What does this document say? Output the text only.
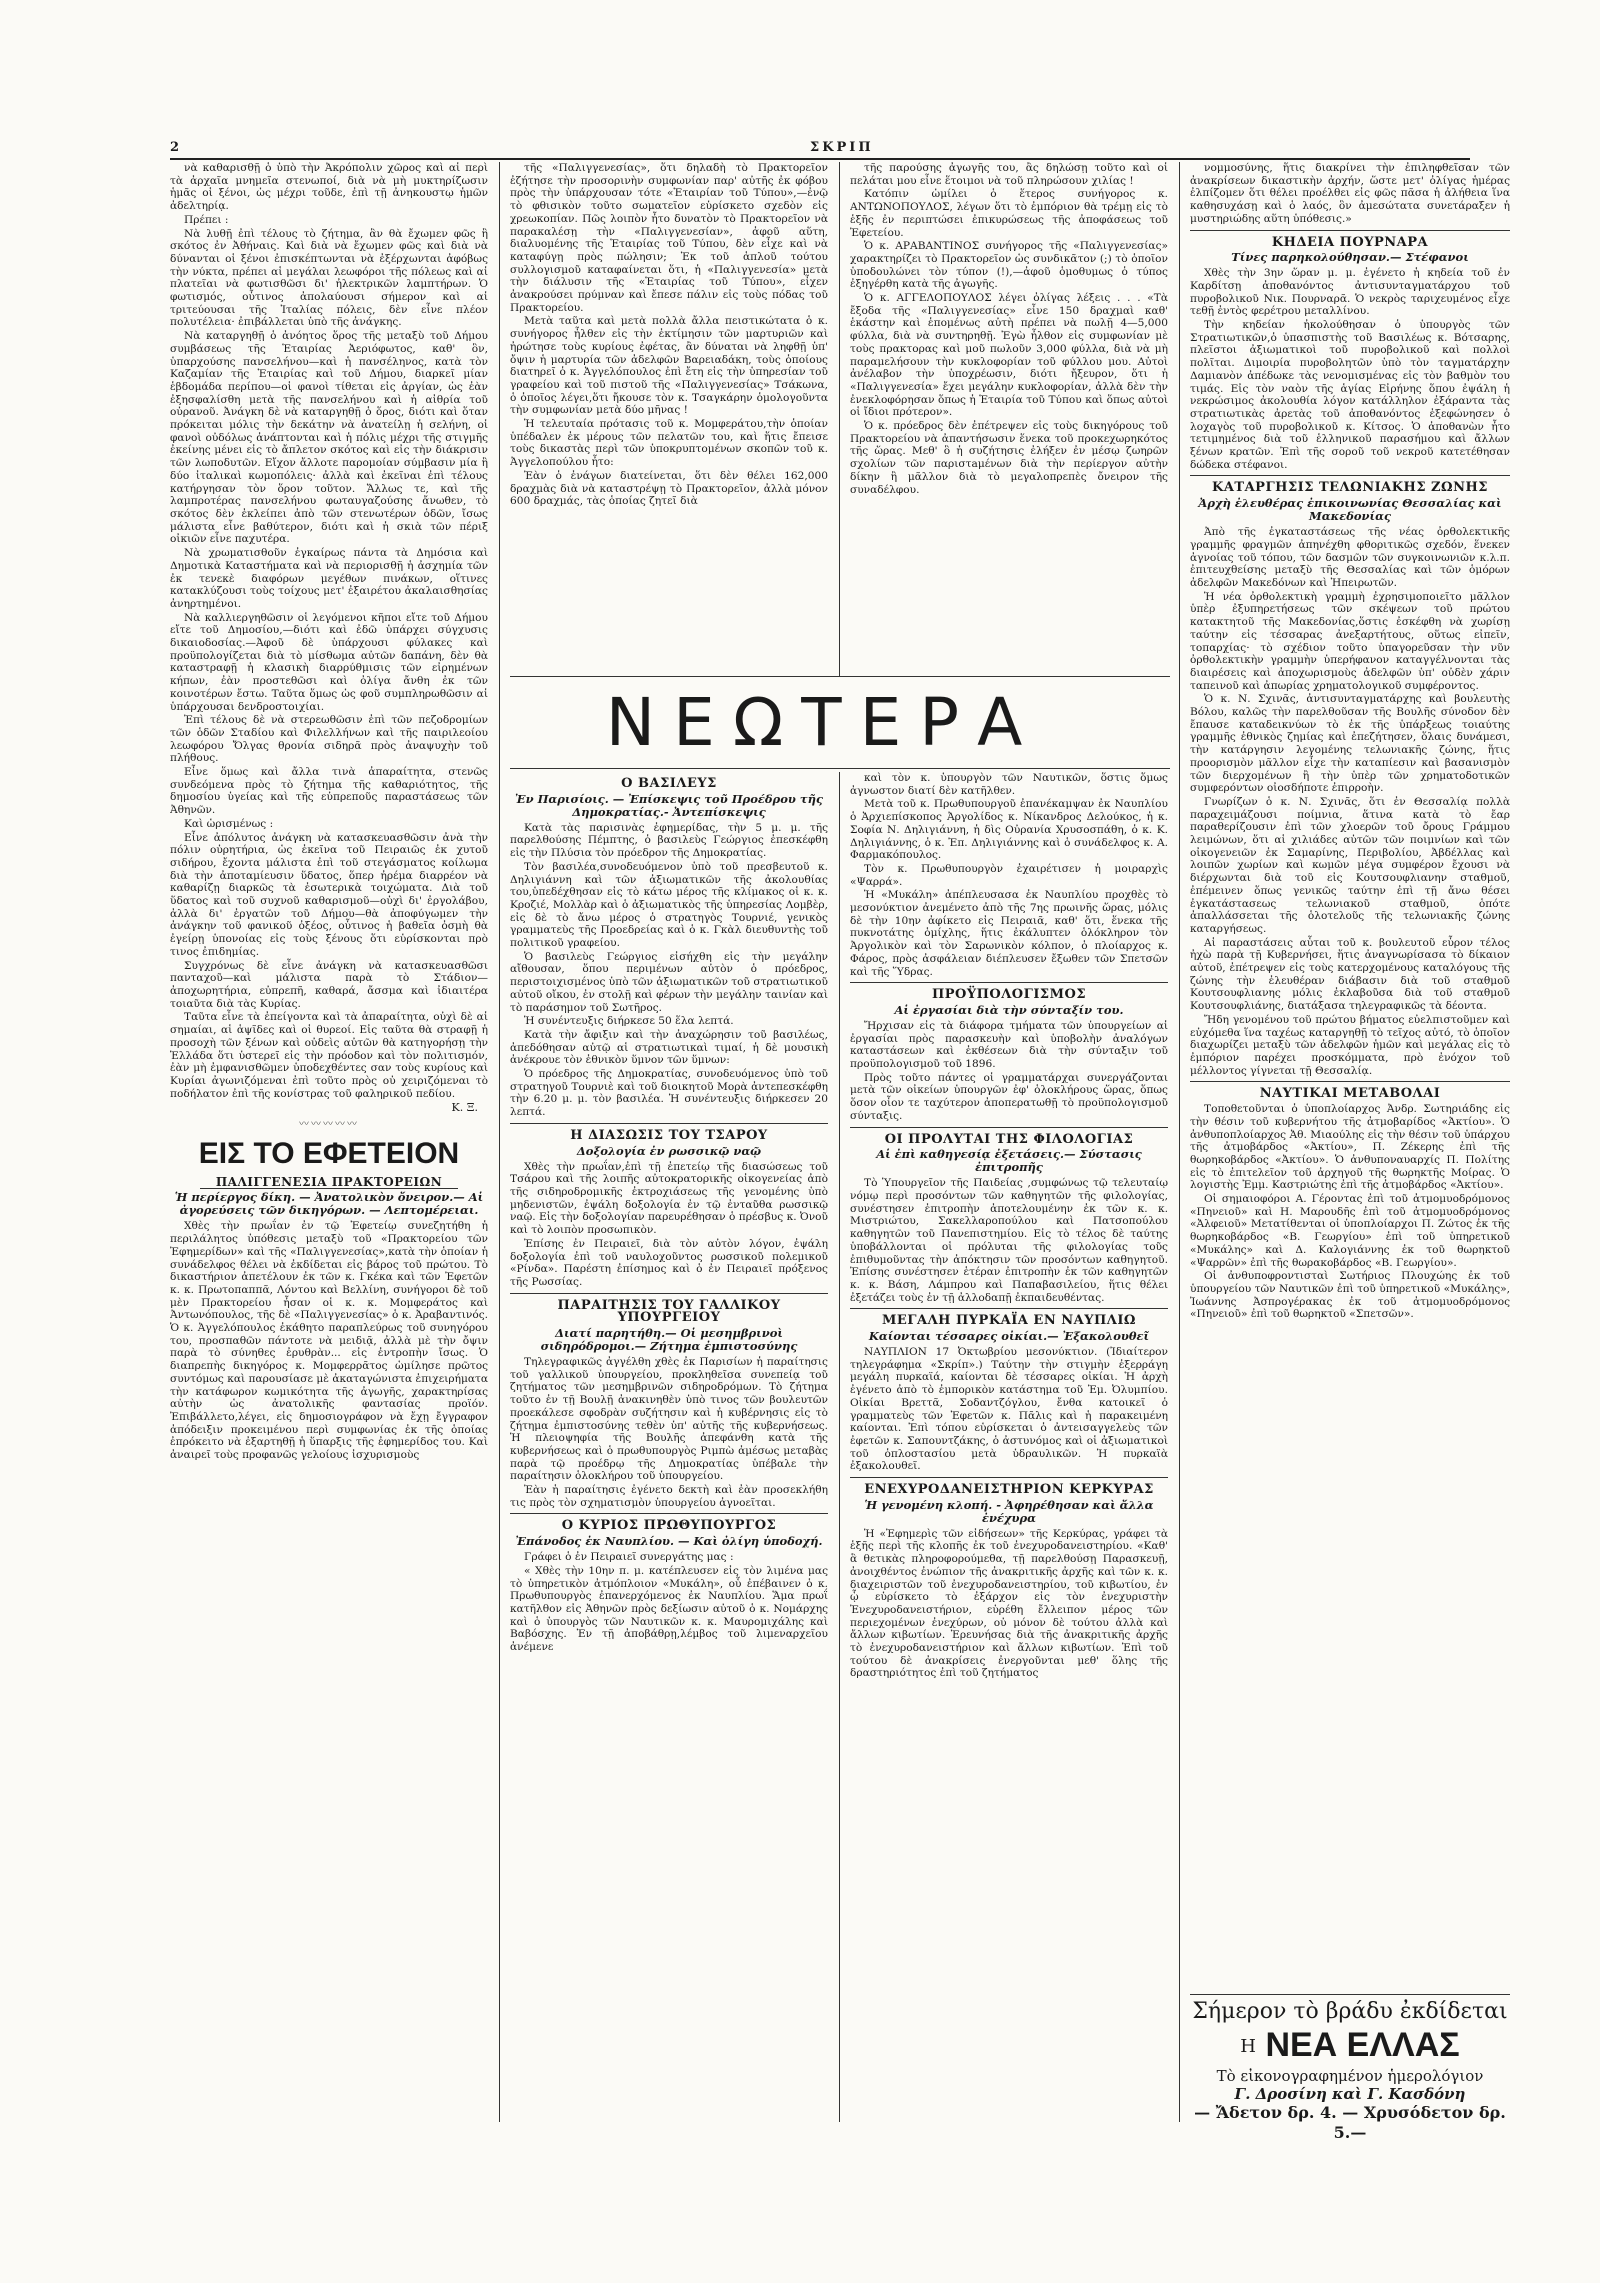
2	ΣΚΡΙΠ

νὰ καθαρισθῇ ὁ ὑπὸ τὴν Ἀκρόπολιν χῶρος καὶ αἱ περὶ τὰ ἀρχαῖα μνημεῖα στενωποί, διὰ νὰ μὴ μυκτηρίζωσιν ἡμᾶς οἱ ξένοι, ὡς μέχρι τοῦδε, ἐπὶ τῇ ἀνηκουστῳ ἡμῶν ἀδελτηρίᾳ.

Πρέπει :

Νὰ λυθῇ ἐπὶ τέλους τὸ ζήτημα, ἂν θὰ ἔχωμεν φῶς ἢ σκότος ἐν Ἀθήναις. Καὶ διὰ νὰ ἔχωμεν φῶς καὶ διὰ νὰ δύνανται οἱ ξένοι ἐπισκέπτωνται νὰ ἐξέρχωνται ἀφόβως τὴν νύκτα, πρέπει αἱ μεγάλαι λεωφόροι τῆς πόλεως καὶ αἱ πλατεῖαι νὰ φωτισθῶσι δι' ἠλεκτρικῶν λαμπτήρων. Ὁ φωτισμός, οὗτινος ἀπολαύουσι σήμερον καὶ αἱ τριτεύουσαι τῆς Ἰταλίας πόλεις, δὲν εἶνε πλέον πολυτέλεια· ἐπιβάλλεται ὑπὸ τῆς ἀνάγκης.

Νὰ καταργηθῇ ὁ ἀνόητος ὅρος τῆς μεταξὺ τοῦ Δήμου συμβάσεως τῆς Ἑταιρίας Ἀεριόφωτος, καθ' ὃν, ὑπαρχούσης πανσελήνου—καὶ ἡ πανσέληνος, κατὰ τὸν Καζαμίαν τῆς Ἑταιρίας καὶ τοῦ Δήμου, διαρκεῖ μίαν ἑβδομάδα περίπου—οἱ φανοὶ τίθεται εἰς ἀργίαν, ὡς ἐὰν ἐξησφαλίσθη μετὰ τῆς πανσελήνου καὶ ἡ αἰθρία τοῦ οὐρανοῦ. Ἀνάγκη δὲ νὰ καταργηθῇ ὁ ὅρος, διότι καὶ ὅταν πρόκειται μόλις τὴν δεκάτην νὰ ἀνατείλῃ ἡ σελήνη, οἱ φανοὶ οὐδόλως ἀνάπτονται καὶ ἡ πόλις μέχρι τῆς στιγμῆς ἐκείνης μένει εἰς τὸ ἄπλετον σκότος καὶ εἰς τὴν διάκρισιν τῶν λωποδυτῶν. Εἴχον ἄλλοτε παρομοίαν σύμβασιν μία ἢ δύο ἰταλικαὶ κωμοπόλεις· ἀλλὰ καὶ ἐκεῖναι ἐπὶ τέλους κατήργησαν τὸν ὅρον τοῦτον. Ἄλλως τε, καὶ τῆς λαμπροτέρας πανσελήνου φωταυγαζούσης ἄνωθεν, τὸ σκότος δὲν ἐκλείπει ἀπὸ τῶν στενωτέρων ὁδῶν, ἴσως μάλιστα εἶνε βαθύτερον, διότι καὶ ἡ σκιὰ τῶν πέριξ οἰκιῶν εἶνε παχυτέρα.

Νὰ χρωματισθοῦν ἐγκαίρως πάντα τὰ Δημόσια καὶ Δημοτικὰ Καταστήματα καὶ νὰ περιορισθῇ ἡ ἀσχημία τῶν ἐκ τενεκὲ διαφόρων μεγέθων πινάκων, οἵτινες κατακλύζουσι τοὺς τοίχους μετ' ἐξαιρέτου ἀκαλαισθησίας ἀνηρτημένοι.

Νὰ καλλιεργηθῶσιν οἱ λεγόμενοι κῆποι εἴτε τοῦ Δήμου εἴτε τοῦ Δημοσίου,—διότι καὶ ἐδῶ ὑπάρχει σύγχυσις δικαιοδοσίας.—Ἀφοῦ δὲ ὑπάρχουσι φύλακες καὶ προϋπολογίζεται διὰ τὸ μίσθωμα αὐτῶν δαπάνη, δὲν θὰ καταστραφῇ ἡ κλασικὴ διαρρύθμισις τῶν εἰρημένων κήπων, ἐὰν προστεθῶσι καὶ ὀλίγα ἄνθη ἐκ τῶν κοινοτέρων ἔστω. Ταῦτα ὅμως ὡς φοῦ συμπληρωθῶσιν αἱ ὑπάρχουσαι δενδροστοιχίαι.

Ἐπὶ τέλους δὲ νὰ στερεωθῶσιν ἐπὶ τῶν πεζοδρομίων τῶν ὁδῶν Σταδίου καὶ Φιλελλήνων καὶ τῆς παιριλεοίου λεωφόρου Ὄλγας θρονία σιδηρᾶ πρὸς ἀναψυχὴν τοῦ πλήθους.

Εἶνε ὅμως καὶ ἄλλα τινὰ ἀπαραίτητα, στενῶς συνδεόμενα πρὸς τὸ ζήτημα τῆς καθαριότητος, τῆς δημοσίου ὑγείας καὶ τῆς εὐπρεποῦς παραστάσεως τῶν Ἀθηνῶν.

Καὶ ὡρισμένως :

Εἶνε ἀπόλυτος ἀνάγκη νὰ κατασκευασθῶσιν ἀνὰ τὴν πόλιν οὐρητήρια, ὡς ἐκεῖνα τοῦ Πειραιῶς ἐκ χυτοῦ σιδήρου, ἔχοντα μάλιστα ἐπὶ τοῦ στεγάσματος κοίλωμα διὰ τὴν ἀποταμίευσιν ὕδατος, ὅπερ ἠρέμα διαρρέον νὰ καθαρίζῃ διαρκῶς τὰ ἐσωτερικὰ τοιχώματα. Διὰ τοῦ ὕδατος καὶ τοῦ συχνοῦ καθαρισμοῦ—οὐχὶ δι' ἐργολάβου, ἀλλὰ δι' ἐργατῶν τοῦ Δήμου—θὰ ἀποφύγωμεν τὴν ἀνάγκην τοῦ φανικοῦ ὀξέος, οὗτινος ἡ βαθεῖα ὀσμὴ θὰ ἐγείρῃ ὑπονοίας εἰς τοὺς ξένους ὅτι εὑρίσκονται πρὸ τινος ἐπιδημίας.

Συγχρόνως δὲ εἶνε ἀνάγκη νὰ κατασκευασθῶσι πανταχοῦ—καὶ μάλιστα παρὰ τὸ Στάδιον— ἀποχωρητήρια, εὐπρεπῆ, καθαρά, ἄσσμα καὶ ἰδιαιτέρα τοιαῦτα διὰ τὰς Κυρίας.

Ταῦτα εἶνε τὰ ἐπείγοντα καὶ τὰ ἀπαραίτητα, οὐχὶ δὲ αἱ σημαίαι, αἱ ἁψῖδες καὶ οἱ θυρεοί. Εἰς ταῦτα θὰ στραφῇ ἡ προσοχὴ τῶν ξένων καὶ οὐδεὶς αὐτῶν θὰ κατηγορήσῃ τὴν Ἑλλάδα ὅτι ὑστερεῖ εἰς τὴν πρόοδον καὶ τὸν πολιτισμόν, ἐὰν μὴ ἐμφανισθῶμεν ὑποδεχθέντες σαν τοὺς κυρίους καὶ Κυρίαι ἀγωνιζόμεναι ἐπὶ τοῦτο πρὸς οὐ χειριζόμεναι τὸ ποδήλατον ἐπὶ τῆς κονίστρας τοῦ φαληρικοῦ πεδίου.

Κ. Ξ.
〰〰〰〰〰
ΕΙΣ ΤΟ ΕΦΕΤΕΙΟΝ
ΠΑΛΙΓΓΕΝΕΣΙΑ ΠΡΑΚΤΟΡΕΙΩΝ
Ἡ περίεργος δίκη. — Ἀνατολικὸν ὄνειρον.— Αἱ ἀγορεύσεις τῶν δικηγόρων. — Λεπτομέρειαι.

Χθὲς τὴν πρωΐαν ἐν τῷ Ἐφετείῳ συνεζητήθη ἡ περιλάλητος ὑπόθεσις μεταξὺ τοῦ «Πρακτορείου τῶν Ἐφημερίδων» καὶ τῆς «Παλιγγενεσίας»,κατὰ τὴν ὁποίαν ἡ συνάδελφος θέλει νὰ ἐκδίδεται εἰς βάρος τοῦ πρώτου. Τὸ δικαστήριον ἀπετέλουν ἐκ τῶν κ. Γκέκα καὶ τῶν Ἐφετῶν κ. κ. Πρωτοπαππᾶ, Λόντου καὶ Βελλίνη, συνήγοροι δὲ τοῦ μὲν Πρακτορείου ἦσαν οἱ κ. κ. Μομφεράτος καὶ Ἀντωνόπουλος, τῆς δὲ «Παλιγγενεσίας» ὁ κ. Ἀραβαντινός. Ὁ κ. Ἀγγελόπουλος ἐκάθητο παραπλεύρως τοῦ συνηγόρου του, προσπαθῶν πάντοτε νὰ μειδιᾷ, ἀλλὰ μὲ τὴν ὄψιν παρὰ τὸ σύνηθες ἐρυθρὰν... εἰς ἐντροπὴν ἴσως. Ὁ διαπρεπὴς δικηγόρος κ. Μομφερρᾶτος ὡμίλησε πρῶτος συντόμως καὶ παρουσίασε μὲ ἀκαταγώνιστα ἐπιχειρήματα τὴν κατάφωρον κωμικότητα τῆς ἀγωγῆς, χαρακτηρίσας αὐτὴν ὡς ἀνατολικῆς φαντασίας προϊόν. Ἐπιβάλλετο,λέγει, εἰς δημοσιογράφον νὰ ἔχῃ ἔγγραφον ἀπόδειξιν προκειμένου περὶ συμφωνίας ἐκ τῆς ὁποίας ἐπρόκειτο νὰ ἐξαρτηθῇ ἡ ὕπαρξις τῆς ἐφημερίδος του. Καὶ ἀναιρεῖ τοὺς προφανῶς γελοίους ἰσχυρισμοὺς

τῆς «Παλιγγενεσίας», ὅτι δηλαδὴ τὸ Πρακτορεῖον ἐζήτησε τὴν προσορινὴν συμφωνίαν παρ' αὐτῆς ἐκ φόβου πρὸς τὴν ὑπάρχουσαν τότε «Ἑταιρίαν τοῦ Τύπου»,—ἐνῷ τὸ φθισικὸν τοῦτο σωματεῖον εὑρίσκετο σχεδὸν εἰς χρεωκοπίαν. Πῶς λοιπὸν ἦτο δυνατὸν τὸ Πρακτορεῖον νὰ παρακαλέσῃ τὴν «Παλιγγενεσίαν», ἀφοῦ αὕτη, διαλυομένης τῆς Ἑταιρίας τοῦ Τύπου, δὲν εἶχε καὶ νὰ καταφύγῃ πρὸς πώλησιν; Ἐκ τοῦ ἁπλοῦ τούτου συλλογισμοῦ καταφαίνεται ὅτι, ἡ «Παλιγγενεσία» μετὰ τὴν διάλυσιν τῆς «Ἑταιρίας τοῦ Τύπου», εἶχεν ἀνακρούσει πρύμναν καὶ ἔπεσε πάλιν εἰς τοὺς πόδας τοῦ Πρακτορείου.

Μετὰ ταῦτα καὶ μετὰ πολλὰ ἄλλα πειστικώτατα ὁ κ. συνήγορος ἦλθεν εἰς τὴν ἐκτίμησιν τῶν μαρτυριῶν καὶ ἠρώτησε τοὺς κυρίους ἐφέτας, ἂν δύναται νὰ ληφθῇ ὑπ' ὄψιν ἡ μαρτυρία τῶν ἀδελφῶν Βαρειαδάκη, τοὺς ὁποίους διατηρεῖ ὁ κ. Ἀγγελόπουλος ἐπὶ ἔτη εἰς τὴν ὑπηρεσίαν τοῦ γραφείου καὶ τοῦ πιστοῦ τῆς «Παλιγγενεσίας» Τσάκωνα, ὁ ὁποῖος λέγει,ὅτι ἤκουσε τὸν κ. Τσαγκάρην ὁμολογοῦντα τὴν συμφωνίαν μετὰ δύο μῆνας !

Ἡ τελευταία πρότασις τοῦ κ. Μομφεράτου,τὴν ὁποίαν ὑπέδαλεν ἐκ μέρους τῶν πελατῶν του, καὶ ἥτις ἔπεισε τοὺς δικαστὰς περὶ τῶν ὑποκρυπτομένων σκοπῶν τοῦ κ. Ἀγγελοπούλου ἦτο:

Ἐὰν ὁ ἐνάγων διατείνεται, ὅτι δὲν θέλει 162,000 δραχμὰς διὰ νὰ καταστρέψῃ τὸ Πρακτορεῖον, ἀλλὰ μόνον 600 δραχμάς, τὰς ὁποίας ζητεῖ διὰ

τῆς παρούσης ἀγωγῆς του, ἂς δηλώσῃ τοῦτο καὶ οἱ πελάται μου εἶνε ἕτοιμοι νὰ τοῦ πληρώσουν χιλίας !

Κατόπιν ὡμίλει ὁ ἕτερος συνήγορος κ. ΑΝΤΩΝΟΠΟΥΛΟΣ, λέγων ὅτι τὸ ἐμπόριον θὰ τρέμῃ εἰς τὸ ἑξῆς ἐν περιπτώσει ἐπικυρώσεως τῆς ἀποφάσεως τοῦ Ἐφετείου.

Ὁ κ. ΑΡΑΒΑΝΤΙΝΟΣ συνήγορος τῆς «Παλιγγενεσίας» χαρακτηρίζει τὸ Πρακτορεῖον ὡς συνδικᾶτον (;) τὸ ὁποῖον ὑποδουλώνει τὸν τύπον (!),—ἀφοῦ ὁμοθυμως ὁ τύπος ἐξηγέρθη κατὰ τῆς ἀγωγῆς.

Ὁ κ. ΑΓΓΕΛΟΠΟΥΛΟΣ λέγει ὀλίγας λέξεις . . . «Τὰ ἔξοδα τῆς «Παλιγγενεσίας» εἶνε 150 δραχμαὶ καθ' ἑκάστην καὶ ἑπομένως αὐτὴ πρέπει νὰ πωλῇ 4—5,000 φύλλα, διὰ νὰ συντηρηθῇ. Ἐγὼ ἦλθον εἰς συμφωνίαν μὲ τοὺς πρακτορας καὶ μοῦ πωλοῦν 3,000 φύλλα, διὰ νὰ μὴ παραμελήσουν τὴν κυκλοφορίαν τοῦ φύλλου μου. Αὐτοὶ ἀνέλαβον τὴν ὑποχρέωσιν, διότι ἤξευρον, ὅτι ἡ «Παλιγγενεσία» ἔχει μεγάλην κυκλοφορίαν, ἀλλὰ δὲν τὴν ἐνεκλοφόρησαν ὅπως ἡ Ἑταιρία τοῦ Τύπου καὶ ὅπως αὐτοὶ οἱ ἴδιοι πρότερον».

Ὁ κ. πρόεδρος δὲν ἐπέτρεψεν εἰς τοὺς δικηγόρους τοῦ Πρακτορείου νὰ ἀπαντήσωσιν ἕνεκα τοῦ προκεχωρηκότος τῆς ὥρας. Μεθ' ὃ ἡ συζήτησις ἐλήξεν ἐν μέσῳ ζωηρῶν σχολίων τῶν παριστaμένων διὰ τὴν περίεργον αὐτὴν δίκην ἢ μᾶλλον διὰ τὸ μεγαλοπρεπὲς ὄνειρον τῆς συναδέλφου.

ΝΕΩΤΕΡΑ
Ο ΒΑΣΙΛΕΥΣ
Ἐν Παρισίοις. — Ἐπίσκεψις τοῦ Προέδρου τῆς Δημοκρατίας.- Ἀντεπίσκεψις

Κατὰ τὰς παρισινὰς ἐφημερίδας, τὴν 5 μ. μ. τῆς παρελθούσης Πέμπτης, ὁ βασιλεὺς Γεώργιος ἐπεσκέφθη εἰς τὴν Πλύσια τὸν πρόεδρον τῆς Δημοκρατίας.

Τὸν βασιλέα,συνοδευόμενον ὑπὸ τοῦ πρεσβευτοῦ κ. Δηλιγιάννη καὶ τῶν ἀξιωματικῶν τῆς ἀκολουθίας του,ὑπεδέχθησαν εἰς τὸ κάτω μέρος τῆς κλίμακος οἱ κ. κ. Κροζιέ, Μολλὰρ καὶ ὁ ἀξιωματικὸς τῆς ὑπηρεσίας Λομβὲρ, εἰς δὲ τὸ ἄνω μέρος ὁ στρατηγὸς Τουρνιέ, γενικὸς γραμματεὺς τῆς Προεδρείας καὶ ὁ κ. Γκὰλ διευθυντὴς τοῦ πολιτικοῦ γραφείου.

Ὁ βασιλεὺς Γεώργιος εἰσήχθη εἰς τὴν μεγάλην αἴθουσαν, ὅπου περιμένων αὐτὸν ὁ πρόεδρος, περιστοιχισμένος ὑπὸ τῶν ἀξιωματικῶν τοῦ στρατιωτικοῦ αὐτοῦ οἴκου, ἐν στολῇ καὶ φέρων τὴν μεγάλην ταινίαν καὶ τὸ παράσημον τοῦ Σωτῆρος.

Ἡ συνέντευξις διήρκεσε 50 ἕλα λεπτά.

Κατὰ τὴν ἄφιξιν καὶ τὴν ἀναχώρησιν τοῦ βασιλέως, ἀπεδόθησαν αὐτῷ αἱ στρατιωτικαὶ τιμαί, ἡ δὲ μουσικὴ ἀνέκρουε τὸν ἐθνικὸν ὕμνον τῶν ὕμνων:

Ὁ πρόεδρος τῆς Δημοκρατίας, συνοδευόμενος ὑπὸ τοῦ στρατηγοῦ Τουρνιὲ καὶ τοῦ διοικητοῦ Μορὰ ἀντεπεσκέφθη τὴν 6.20 μ. μ. τὸν βασιλέα. Ἡ συνέντευξις διήρκεσεν 20 λεπτά.

Η ΔΙΑΣΩΣΙΣ ΤΟΥ ΤΣΑΡΟΥ
Δοξολογία ἐν ρωσσικῷ ναῷ

Χθὲς τὴν πρωΐαν,ἐπὶ τῇ ἐπετείῳ τῆς διασώσεως τοῦ Τσάρου καὶ τῆς λοιπῆς αὐτοκρατορικῆς οἰκογενείας ἀπὸ τῆς σιδηροδρομικῆς ἐκτροχιάσεως τῆς γενομένης ὑπὸ μηδενιστῶν, ἐψάλη δοξολογία ἐν τῷ ἐνταῦθα ρωσσικῷ ναῷ. Εἰς τὴν δοξολογίαν παρευρέθησαν ὁ πρέσβυς κ. Ὀνοῦ καὶ τὸ λοιπὸν προσωπικὸν.

Ἐπίσης ἐν Πειραιεῖ, διὰ τὸν αὐτὸν λόγον, ἐψάλη δοξολογία ἐπὶ τοῦ ναυλοχοῦντος ρωσσικοῦ πολεμικοῦ «Ρίνδα». Παρέστη ἐπίσημος καὶ ὁ ἐν Πειραιεῖ πρόξενος τῆς Ρωσσίας.

ΠΑΡΑΙΤΗΣΙΣ ΤΟΥ ΓΑΛΛΙΚΟΥ ΥΠΟΥΡΓΕΙΟΥ
Διατί παρητήθη.— Οἱ μεσημβρινοὶ σιδηρόδρομοι.— Ζήτημα ἐμπιστοσύνης

Τηλεγραφικῶς ἀγγέλθη χθὲς ἐκ Παρισίων ἡ παραίτησις τοῦ γαλλικοῦ ὑπουργείου, προκληθεῖσα συνεπείᾳ τοῦ ζητήματος τῶν μεσημβρινῶν σιδηροδρόμων. Τὸ ζήτημα τοῦτο ἐν τῇ Βουλῇ ἀνακινηθὲν ὑπὸ τινος τῶν βουλευτῶν προεκάλεσε σφοδρὰν συζήτησιν καὶ ἠ κυβέρνησις εἰς τὸ ζήτημα ἐμπιστοσύνης τεθὲν ὑπ' αὐτῆς τῆς κυβερνήσεως. Ἡ πλειοψηφία τῆς Βουλῆς ἀπεφάνθη κατὰ τῆς κυβερνήσεως καὶ ὁ πρωθυπουργὸς Ριμπὼ ἀμέσως μεταβὰς παρὰ τῷ προέδρῳ τῆς Δημοκρατίας ὑπέβαλε τὴν παραίτησιν ὁλοκλήρου τοῦ ὑπουργείου.

Ἐὰν ἡ παραίτησις ἐγένετο δεκτὴ καὶ ἐὰν προσεκλήθη τις πρὸς τὸν σχηματισμὸν ὑπουργείου ἀγνοεῖται.

Ο ΚΥΡΙΟΣ ΠΡΩΘΥΠΟΥΡΓΟΣ
Ἐπάνοδος ἐκ Ναυπλίου. — Καὶ ὀλίγη ὑποδοχή.

Γράφει ὁ ἐν Πειραιεῖ συνεργάτης μας :

« Χθὲς τὴν 10ην π. μ. κατέπλευσεν εἰς τὸν λιμένα μας τὸ ὑπηρετικὸν ἀτμόπλοιον «Μυκάλη», οὗ ἐπέβαινεν ὁ κ. Πρωθυπουργὸς ἐπανερχόμενος ἐκ Ναυπλίου. Ἅμα πρωΐ κατῆλθον εἰς Ἀθηνῶν πρὸς δεξίωσιν αὐτοῦ ὁ κ. Νομάρχης καὶ ὁ ὑπουργὸς τῶν Ναυτικῶν κ. κ. Μαυρομιχάλης καὶ Βαβόσχης. Ἐν τῇ ἀποβάθρῃ,λέμβος τοῦ λιμεναρχεῖου ἀνέμενε

καὶ τὸν κ. ὑπουργὸν τῶν Ναυτικῶν, ὅστις ὅμως ἀγνωστον διατί δὲν κατῆλθεν.

Μετὰ τοῦ κ. Πρωθυπουργοῦ ἐπανέκαμψαν ἐκ Ναυπλίου ὁ Ἀρχιεπίσκοπος Ἀργολίδος κ. Νίκανδρος Δελούκος, ἡ κ. Σοφία Ν. Δηλιγιάννη, ἡ δὶς Οὐρανία Χρυσοσπάθη, ὁ κ. Κ. Δηλιγιάννης, ὁ κ. Ἐπ. Δηλιγιάννης καὶ ὁ συνάδελφος κ. Α. Φαρμακόπουλος.

Τὸν κ. Πρωθυπουργὸν ἐχαιρέτισεν ἡ μοιραρχὶς «Ψαρρά».

Ἡ «Μυκάλη» ἀπέπλευσασα ἐκ Ναυπλίου προχθὲς τὸ μεσονύκτιον ἀνεμένετο ἀπὸ τῆς 7ης πρωινῆς ὥρας, μόλις δὲ τὴν 10ην ἀφίκετο εἰς Πειραιᾶ, καθ' ὅτι, ἕνεκα τῆς πυκνοτάτης ὁμίχλης, ἥτις ἐκάλυπτεν ὁλόκληρον τὸν Ἀργολικὸν καὶ τὸν Σαρωνικὸν κόλπον, ὁ πλοίαρχος κ. Φάρος, πρὸς ἀσφάλειαν διέπλευσεν ἔξωθεν τῶν Σπετσῶν καὶ τῆς Ὕδρας.

ΠΡΟΫΠΟΛΟΓΙΣΜΟΣ
Αἱ ἐργασίαι διὰ τὴν σύνταξίν του.

Ἤρχισαν εἰς τὰ διάφορα τμήματα τῶν ὑπουργείων αἱ ἐργασίαι πρὸς παρασκευὴν καὶ ὑποβολὴν ἀναλόγων καταστάσεων καὶ ἐκθέσεων διὰ τὴν σύνταξιν τοῦ προϋπολογισμοῦ τοῦ 1896.

Πρὸς τοῦτο πάντες οἱ γραμματάρχαι συνεργάζονται μετὰ τῶν οἰκείων ὑπουργῶν ἐφ' ὁλοκλήρους ὥρας, ὅπως ὅσον οἷον τε ταχύτερον ἀποπερατωθῇ τὸ προϋπολογισμοῦ σύνταξις.

ΟΙ ΠΡΟΛΥΤΑΙ ΤΗΣ ΦΙΛΟΛΟΓΙΑΣ
Αἱ ἐπὶ καθηγεσίᾳ ἐξετάσεις.— Σύστασις ἐπιτροπῆς

Τὸ Ὑπουργεῖον τῆς Παιδείας ,συμφώνως τῷ τελευταίῳ νόμῳ περὶ προσόντων τῶν καθηγητῶν τῆς φιλολογίας, συνέστησεν ἐπιτροπὴν ἀποτελουμένην ἐκ τῶν κ. κ. Μιστριώτου, Σακελλαροπούλου καὶ Πατσοπούλου καθηγητῶν τοῦ Πανεπιστημίου. Εἰς τὸ τέλος δὲ ταύτης ὑποβάλλονται οἱ πρόλυται τῆς φιλολογίας τοῦς ἐπιθυμοῦντας τὴν ἀπόκτησιν τῶν προσόντων καθηγητοῦ. Ἐπίσης συνέστησεν ἑτέραν ἐπιτροπὴν ἐκ τῶν καθηγητῶν κ. κ. Βάση, Λάμπρου καὶ Παπαβασιλείου, ἥτις θέλει ἐξετάζει τοὺς ἐν τῇ ἀλλοδαπῇ ἐκπαιδευθέντας.

ΜΕΓΑΛΗ ΠΥΡΚΑΪΑ ΕΝ ΝΑΥΠΛΙΩ
Καίονται τέσσαρες οἰκίαι.— Ἐξακολουθεῖ

ΝΑΥΠΛΙΟΝ 17 Ὀκτωβρίου μεσονύκτιον. (Ἰδιαίτερον τηλεγράφημα «Σκρίπ».) Ταύτην τὴν στιγμὴν ἐξερράγη μεγάλη πυρκαϊά, καίονται δὲ τέσσαρες οἰκίαι. Ἡ ἀρχὴ ἐγένετο ἀπὸ τὸ ἐμπορικὸν κατάστημα τοῦ Ἐμ. Ὀλυμπίου. Οἰκίαι Βρεττᾶ, Σοδαντζόγλου, ἔνθα κατοικεῖ ὁ γραμματεὺς τῶν Ἐφετῶν κ. Πᾶλις καὶ ἡ παρακειμένη καίονται. Ἐπὶ τόπου εὑρίσκεται ὁ ἀντεισαγγελεὺς τῶν ἐφετῶν κ. Σαπουντζάκης, ὁ ἀστυνόμος καὶ οἱ ἀξιωματικοὶ τοῦ ὁπλοστασίου μετὰ ὑδραυλικῶν. Ἡ πυρκαϊὰ ἐξακολουθεῖ.

ΕΝΕΧΥΡΟΔΑΝΕΙΣΤΗΡΙΟΝ ΚΕΡΚΥΡΑΣ
Ἡ γενομένη κλοπή. - Ἀφηρέθησαν καὶ ἄλλα ἐνέχυρα

Ἡ «Ἐφημερὶς τῶν εἰδήσεων» τῆς Κερκύρας, γράφει τὰ ἑξῆς περὶ τῆς κλοπῆς ἐκ τοῦ ἐνεχυροδανειστηρίου. «Καθ' ἃ θετικὰς πληροφορούμεθα, τῇ παρελθούσῃ Παρασκευῇ, ἀνοιχθέντος ἐνώπιον τῆς ἀνακριτικῆς ἀρχῆς καὶ τῶν κ. κ. διαχειριστῶν τοῦ ἐνεχυροδανειστηρίου, τοῦ κιβωτίου, ἐν ᾧ εὑρίσκετο τὸ ἐξάρχον εἰς τὸν ἐνεχυριστὴν Ἐνεχυροδανειστήριον, εὑρέθη ἔλλειπον μέρος τῶν περιεχομένων ἐνεχύρων, οὐ μόνον δὲ τούτου ἀλλὰ καὶ ἄλλων κιβωτίων. Ἐρευνήσας διὰ τῆς ἀνακριτικῆς ἀρχῆς τὸ ἐνεχυροδανειστήριον καὶ ἄλλων κιβωτίων. Ἐπὶ τοῦ τούτου δὲ ἀνακρίσεις ἐνεργοῦνται μεθ' ὅλης τῆς δραστηριότητος ἐπὶ τοῦ ζητήματος

νομμοσύνης, ἥτις διακρίνει τὴν ἐπιληφθεῖσαν τῶν ἀνακρίσεων δικαστικὴν ἀρχήν, ὥστε μετ' ὀλίγας ἡμέρας ἐλπίζομεν ὅτι θέλει προέλθει εἰς φῶς πᾶσα ἡ ἀλήθεια ἵνα καθησυχάσῃ καὶ ὁ λαός, ὃν ἀμεσώτατα συνετάραξεν ἡ μυστηριώδης αὕτη ὑπόθεσις.»

ΚΗΔΕΙΑ ΠΟΥΡΝΑΡΑ
Τίνες παρηκολούθησαν.— Στέφανοι

Χθὲς τὴν 3ην ὥραν μ. μ. ἐγένετο ἡ κηδεία τοῦ ἐν Καρδίτσῃ ἀποθανόντος ἀντισυνταγματάρχου τοῦ πυροβολικοῦ Νικ. Πουρναρᾶ. Ὁ νεκρὸς ταριχευμένος εἶχε τεθῇ ἐντὸς φερέτρου μεταλλίνου.

Τὴν κηδείαν ἠκολούθησαν ὁ ὑπουργὸς τῶν Στρατιωτικῶν,ὁ ὑπασπιστὴς τοῦ Βασιλέως κ. Βότσαρης, πλεῖστοι ἀξιωματικοὶ τοῦ πυροβολικοῦ καὶ πολλοὶ πολῖται. Διμοιρία πυροβολητῶν ὑπὸ τὸν ταγματάρχην Δαμιανὸν ἀπέδωκε τὰς νενομισμένας εἰς τὸν βαθμὸν του τιμάς. Εἰς τὸν ναὸν τῆς ἁγίας Εἰρήνης ὅπου ἐψάλη ἡ νεκρώσιμος ἀκολουθία λόγον κατάλληλον ἐξάραντα τὰς στρατιωτικὰς ἀρετὰς τοῦ ἀποθανόντος ἐξεφώνησεν ὁ λοχαγὸς τοῦ πυροβολικοῦ κ. Κίτσος. Ὁ ἀποθανὼν ἦτο τετιμημένος διὰ τοῦ ἑλληνικοῦ παρασήμου καὶ ἄλλων ξένων κρατῶν. Ἐπὶ τῆς σοροῦ τοῦ νεκροῦ κατετέθησαν δώδεκα στέφανοι.

ΚΑΤΑΡΓΗΣΙΣ ΤΕΛΩΝΙΑΚΗΣ ΖΩΝΗΣ
Ἀρχὴ ἐλευθέρας ἐπικοινωνίας Θεσσαλίας καὶ Μακεδονίας

Ἀπὸ τῆς ἐγκαταστάσεως τῆς νέας ὀρθολεκτικῆς γραμμῆς φραγμῶν ἀπηνέχθη φθοριτικῶς σχεδόν, ἕνεκεν ἀγνοίας τοῦ τόπου, τῶν δασμῶν τῶν συγκοινωνιῶν κ.λ.π. ἐπιτευχθείσης μεταξὺ τῆς Θεσσαλίας καὶ τῶν ὁμόρων ἀδελφῶν Μακεδόνων καὶ Ἠπειρωτῶν.

Ἡ νέα ὀρθολεκτικὴ γραμμὴ ἐχρησιμοποιεῖτο μᾶλλον ὑπὲρ ἐξυπηρετήσεως τῶν σκέψεων τοῦ πρώτου κατακτητοῦ τῆς Μακεδονίας,ὅστις ἐσκέφθη νὰ χωρίσῃ ταύτην εἰς τέσσαρας ἀνεξαρτήτους, οὕτως εἰπεῖν, τοπαρχίας· τὸ σχέδιον τοῦτο ὑπαγορεῦσαν τὴν νῦν ὀρθολεκτικὴν γραμμὴν ὑπερήφανον καταγγέλνονται τὰς διαιρέσεις καὶ ἀποχωρισμοὺς ἀδελφῶν ὑπ' οὐδὲν χάριν ταπεινοῦ καὶ ἀπωρίας χρηματολογικοῦ συμφέροντος.

Ὁ κ. Ν. Σχινᾶς, ἀντισυνταγματάρχης καὶ βουλευτὴς Βόλου, καλῶς τὴν παρελθοῦσαν τῆς Βουλῆς σύνοδον δὲν ἔπαυσε καταδεικνύων τὸ ἐκ τῆς ὑπάρξεως τοιαύτης γραμμῆς ἐθνικὸς ζημίας καὶ ἐπεζήτησεν, ὅλαις δυνάμεσι, τὴν κατάργησιν λεγομένης τελωνιακῆς ζώνης, ἥτις προορισμὸν μᾶλλον εἶχε τὴν καταπίεσιν καὶ βασανισμὸν τῶν διερχομένων ἢ τὴν ὑπὲρ τῶν χρηματοδοτικῶν συμφερόντων οἰοσδήποτε ἐπιρροὴν.

Γνωρίζων ὁ κ. Ν. Σχινᾶς, ὅτι ἐν Θεσσαλίᾳ πολλὰ παραχειμάζουσι ποίμνια, ἅτινα κατὰ τὸ ἔαρ παραθερίζουσιν ἐπὶ τῶν χλοερῶν τοῦ ὄρους Γράμμου λειμώνων, ὅτι αἱ χιλιάδες αὐτῶν τῶν ποιμνίων καὶ τῶν οἰκογενειῶν ἐκ Σαμαρίνης, Περιβολίου, Ἀβδέλλας καὶ λοιπῶν χωρίων καὶ κωμῶν μέγα συμφέρον ἔχουσι νὰ διέρχωνται διὰ τοῦ εἰς Κουτσουφλιανην σταθμοῦ, ἐπέμεινεν ὅπως γενικῶς ταύτην ἐπὶ τῇ ἄνω θέσει ἐγκατάστασεως τελωνιακοῦ σταθμοῦ, ὁπότε ἀπαλλάσσεται τῆς ὁλοτελοῦς τῆς τελωνιακῆς ζώνης καταργήσεως.

Αἱ παραστάσεις αὗται τοῦ κ. βουλευτοῦ εὗρον τέλος ἠχὼ παρὰ τῇ Κυβερνήσει, ἥτις ἀναγνωρίσασα τὸ δίκαιον αὐτοῦ, ἐπέτρεψεν εἰς τοὺς κατερχομένους καταλόγους τῆς ζώνης τὴν ἐλευθέραν διάβασιν διὰ τοῦ σταθμοῦ Κουτσουφλιανης μόλις ἐκλαβοῦσα διὰ τοῦ σταθμοῦ Κουτσουφλιάνης, διατάξασα τηλεγραφικῶς τὰ δέοντα.

Ἤδη γενομένου τοῦ πρώτου βήματος εὐελπιστοῦμεν καὶ εὐχόμεθα ἵνα ταχέως καταργηθῇ τὸ τεῖχος αὐτό, τὸ ὁποῖον διαχωρίζει μεταξὺ τῶν ἀδελφῶν ἡμῶν καὶ μεγάλας εἰς τὸ ἐμπόριον παρέχει προσκόμματα, πρὸ ἐνόχον τοῦ μέλλοντος γίγνεται τῇ Θεσσαλίᾳ.

ΝΑΥΤΙΚΑΙ ΜΕΤΑΒΟΛΑΙ

Τοποθετοῦνται ὁ ὑποπλοίαρχος Ἀνδρ. Σωτηριάδης εἰς τὴν θέσιν τοῦ κυβερνήτου τῆς ἀτμοβαρίδος «Ἀκτίου». Ὁ ἀνθυποπλοίαρχος Ἀθ. Μιαούλης εἰς τὴν θέσιν τοῦ ὑπάρχου τῆς ἀτμοβάρδος «Ἀκτίου», Π. Ζέκερης ἐπὶ τῆς θωρηκοβάρδος «Ἀκτίου». Ὁ ἀνθυποναυαρχίς Π. Πολίτης εἰς τὸ ἐπιτελεῖον τοῦ ἀρχηγοῦ τῆς θωρηκτῆς Μοίρας. Ὁ λογιστὴς Ἐμμ. Καστριώτης ἐπὶ τῆς ἀτμοβάρδος «Ἀκτίου».

Οἱ σημαιοφόροι Α. Γέροντας ἐπὶ τοῦ ἀτμομυοδρόμονος «Πηνειοῦ» καὶ Η. Μαρουδῆς ἐπὶ τοῦ ἀτμομυοδρόμονος «Ἀλφειοῦ» Μετατίθενται οἱ ὑποπλοίαρχοι Π. Ζώτος ἐκ τῆς θωρηκοβάρδος «Β. Γεωργίου» ἐπὶ τοῦ ὑπηρετικοῦ «Μυκάλης» καὶ Δ. Καλογιάννης ἐκ τοῦ θωρηκτοῦ «Ψαρρῶν» ἐπὶ τῆς θωρακοβάρδος «Β. Γεωργίου».

Οἱ ἀνθυποφροντισταὶ Σωτήριος Πλουχώης ἐκ τοῦ ὑπουργείου τῶν Ναυτικῶν ἐπὶ τοῦ ὑπηρετικοῦ «Μυκάλης», Ἰωάννης Ἀσπρογέρακας ἐκ τοῦ ἀτμομυοδρόμονος «Πηνειοῦ» ἐπὶ τοῦ θωρηκτοῦ «Σπετσῶν».

Σήμερον τὸ βράδυ ἐκδίδεται
Η ΝΕΑ ΕΛΛΑΣ
Τὸ εἰκονογραφημένον ἡμερολόγιον
Γ. Δροσίνη καὶ Γ. Κασδόνη
— Ἄδετον δρ. 4. — Χρυσόδετον δρ. 5.—
